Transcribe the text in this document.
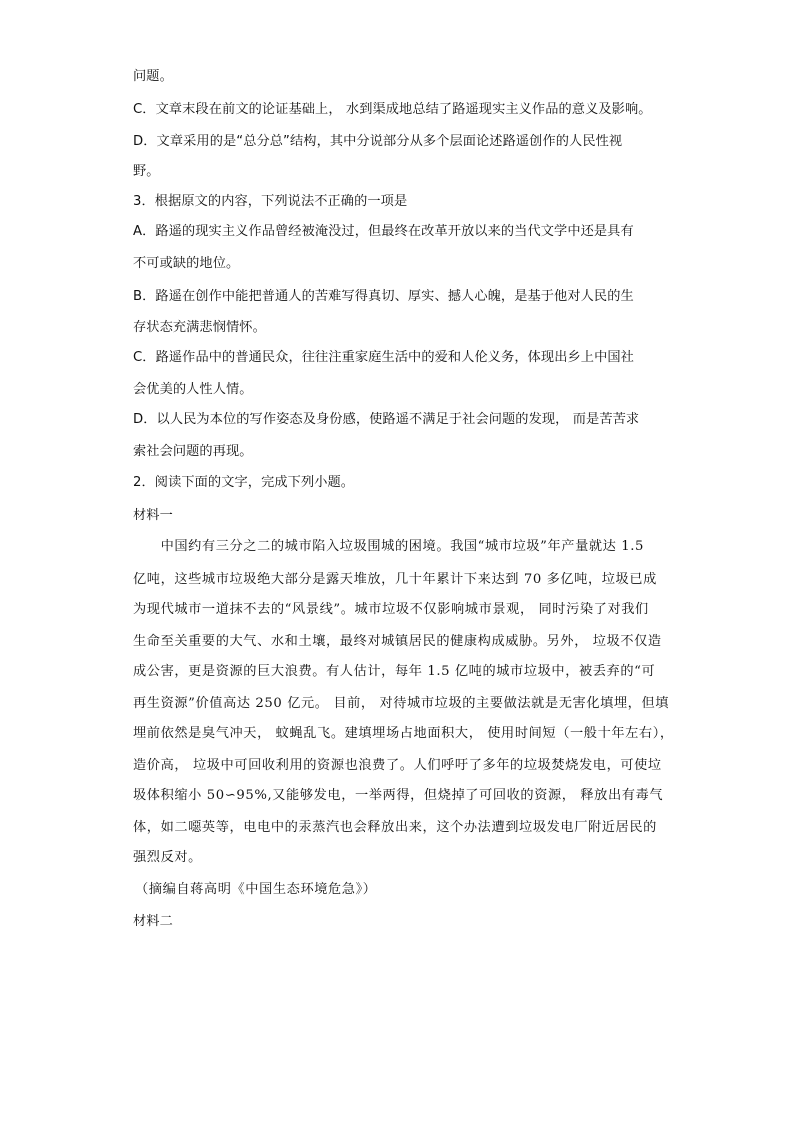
问题。
C．文章末段在前文的论证基础上， 水到渠成地总结了路遥现实主义作品的意义及影响。
D．文章采用的是“总分总”结构，其中分说部分从多个层面论述路遥创作的人民性视
野。
3．根据原文的内容，下列说法不正确的一项是
A．路遥的现实主义作品曾经被淹没过，但最终在改革开放以来的当代文学中还是具有
不可或缺的地位。
B．路遥在创作中能把普通人的苦难写得真切、厚实、撼人心魄，是基于他对人民的生
存状态充满悲悯情怀。
C．路遥作品中的普通民众，往往注重家庭生活中的爱和人伦义务，体现出乡上中国社
会优美的人性人情。
D．以人民为本位的写作姿态及身份感，使路遥不满足于社会问题的发现， 而是苦苦求
索社会问题的再现。
2．阅读下面的文字，完成下列小题。
材料一
　　中国约有三分之二的城市陷入垃圾围城的困境。我国“城市垃圾”年产量就达 1.5
亿吨，这些城市垃圾绝大部分是露天堆放，几十年累计下来达到 70 多亿吨，垃圾已成
为现代城市一道抹不去的“风景线”。城市垃圾不仅影响城市景观， 同时污染了对我们
生命至关重要的大气、水和土壤，最终对城镇居民的健康构成威胁。另外， 垃圾不仅造
成公害，更是资源的巨大浪费。有人估计，每年 1.5 亿吨的城市垃圾中，被丢弃的“可
再生资源”价值高达 250 亿元。 目前， 对待城市垃圾的主要做法就是无害化填埋，但填
埋前依然是臭气冲天， 蚊蝇乱飞。建填埋场占地面积大， 使用时间短（一般十年左右），
造价高， 垃圾中可回收利用的资源也浪费了。人们呼吁了多年的垃圾焚烧发电，可使垃
圾体积缩小 50∽95%,又能够发电，一举两得，但烧掉了可回收的资源， 释放出有毒气
体，如二噁英等，电电中的汞蒸汽也会释放出来，这个办法遭到垃圾发电厂附近居民的
强烈反对。
（摘编自蒋高明《中国生态环境危急》）
材料二
